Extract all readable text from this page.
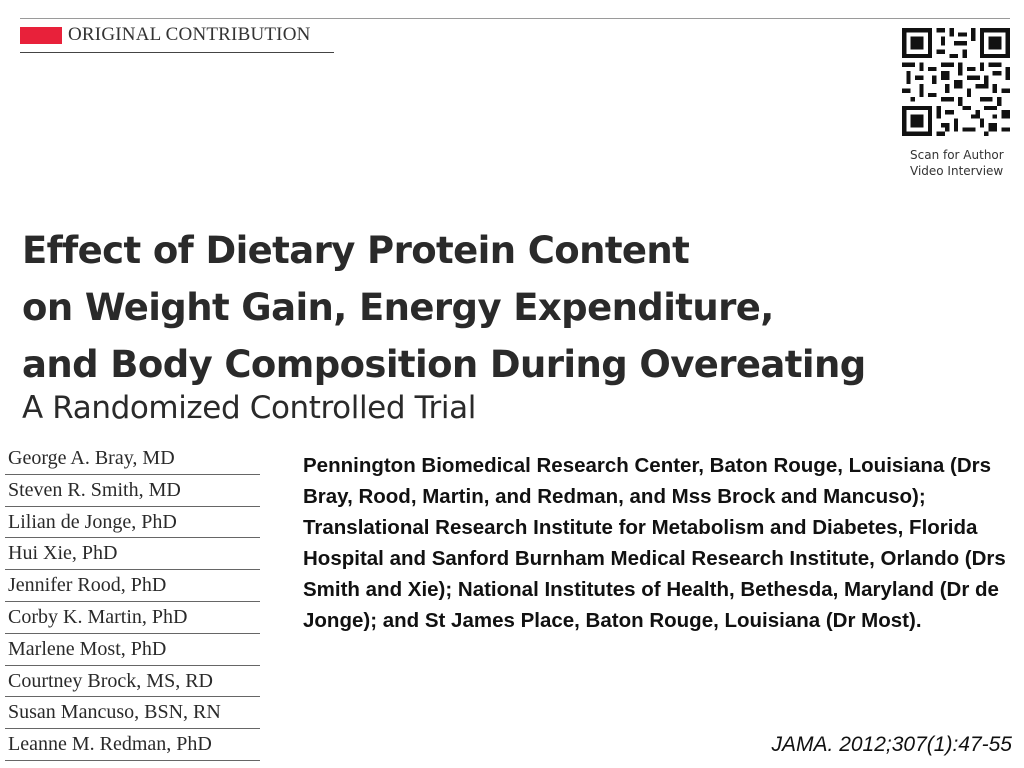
ORIGINAL CONTRIBUTION
Scan for Author
Video Interview
Effect of Dietary Protein Content
on Weight Gain, Energy Expenditure,
and Body Composition During Overeating
A Randomized Controlled Trial
George A. Bray, MD
Steven R. Smith, MD
Lilian de Jonge, PhD
Hui Xie, PhD
Jennifer Rood, PhD
Corby K. Martin, PhD
Marlene Most, PhD
Courtney Brock, MS, RD
Susan Mancuso, BSN, RN
Leanne M. Redman, PhD

Pennington Biomedical Research Center, Baton Rouge, Louisiana (Drs Bray, Rood, Martin, and Redman, and Mss Brock and Mancuso); Translational Research Institute for Metabolism and Diabetes, Florida Hospital and Sanford Burnham Medical Research Institute, Orlando (Drs Smith and Xie); National Institutes of Health, Bethesda, Maryland (Dr de Jonge); and St James Place, Baton Rouge, Louisiana (Dr Most).

JAMA. 2012;307(1):47-55
